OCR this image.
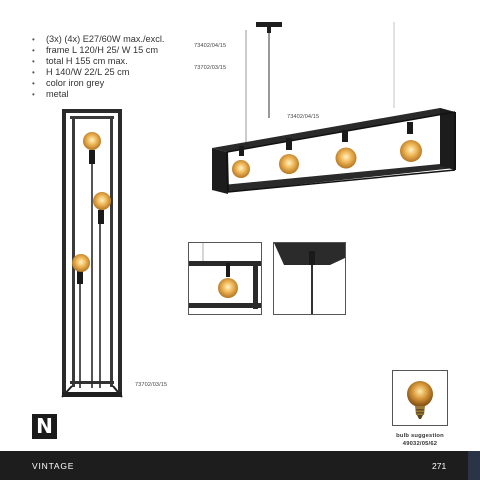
• (3x) (4x) E27/60W max./excl.
• frame L 120/H 25/ W 15 cm
• total H 155 cm max.
• H 140/W 22/L 25 cm
• color iron grey
• metal
73402/04/15
73702/03/15
73402/04/15
73702/03/15
N	bulb suggestion
49032/05/62
VINTAGE	271
